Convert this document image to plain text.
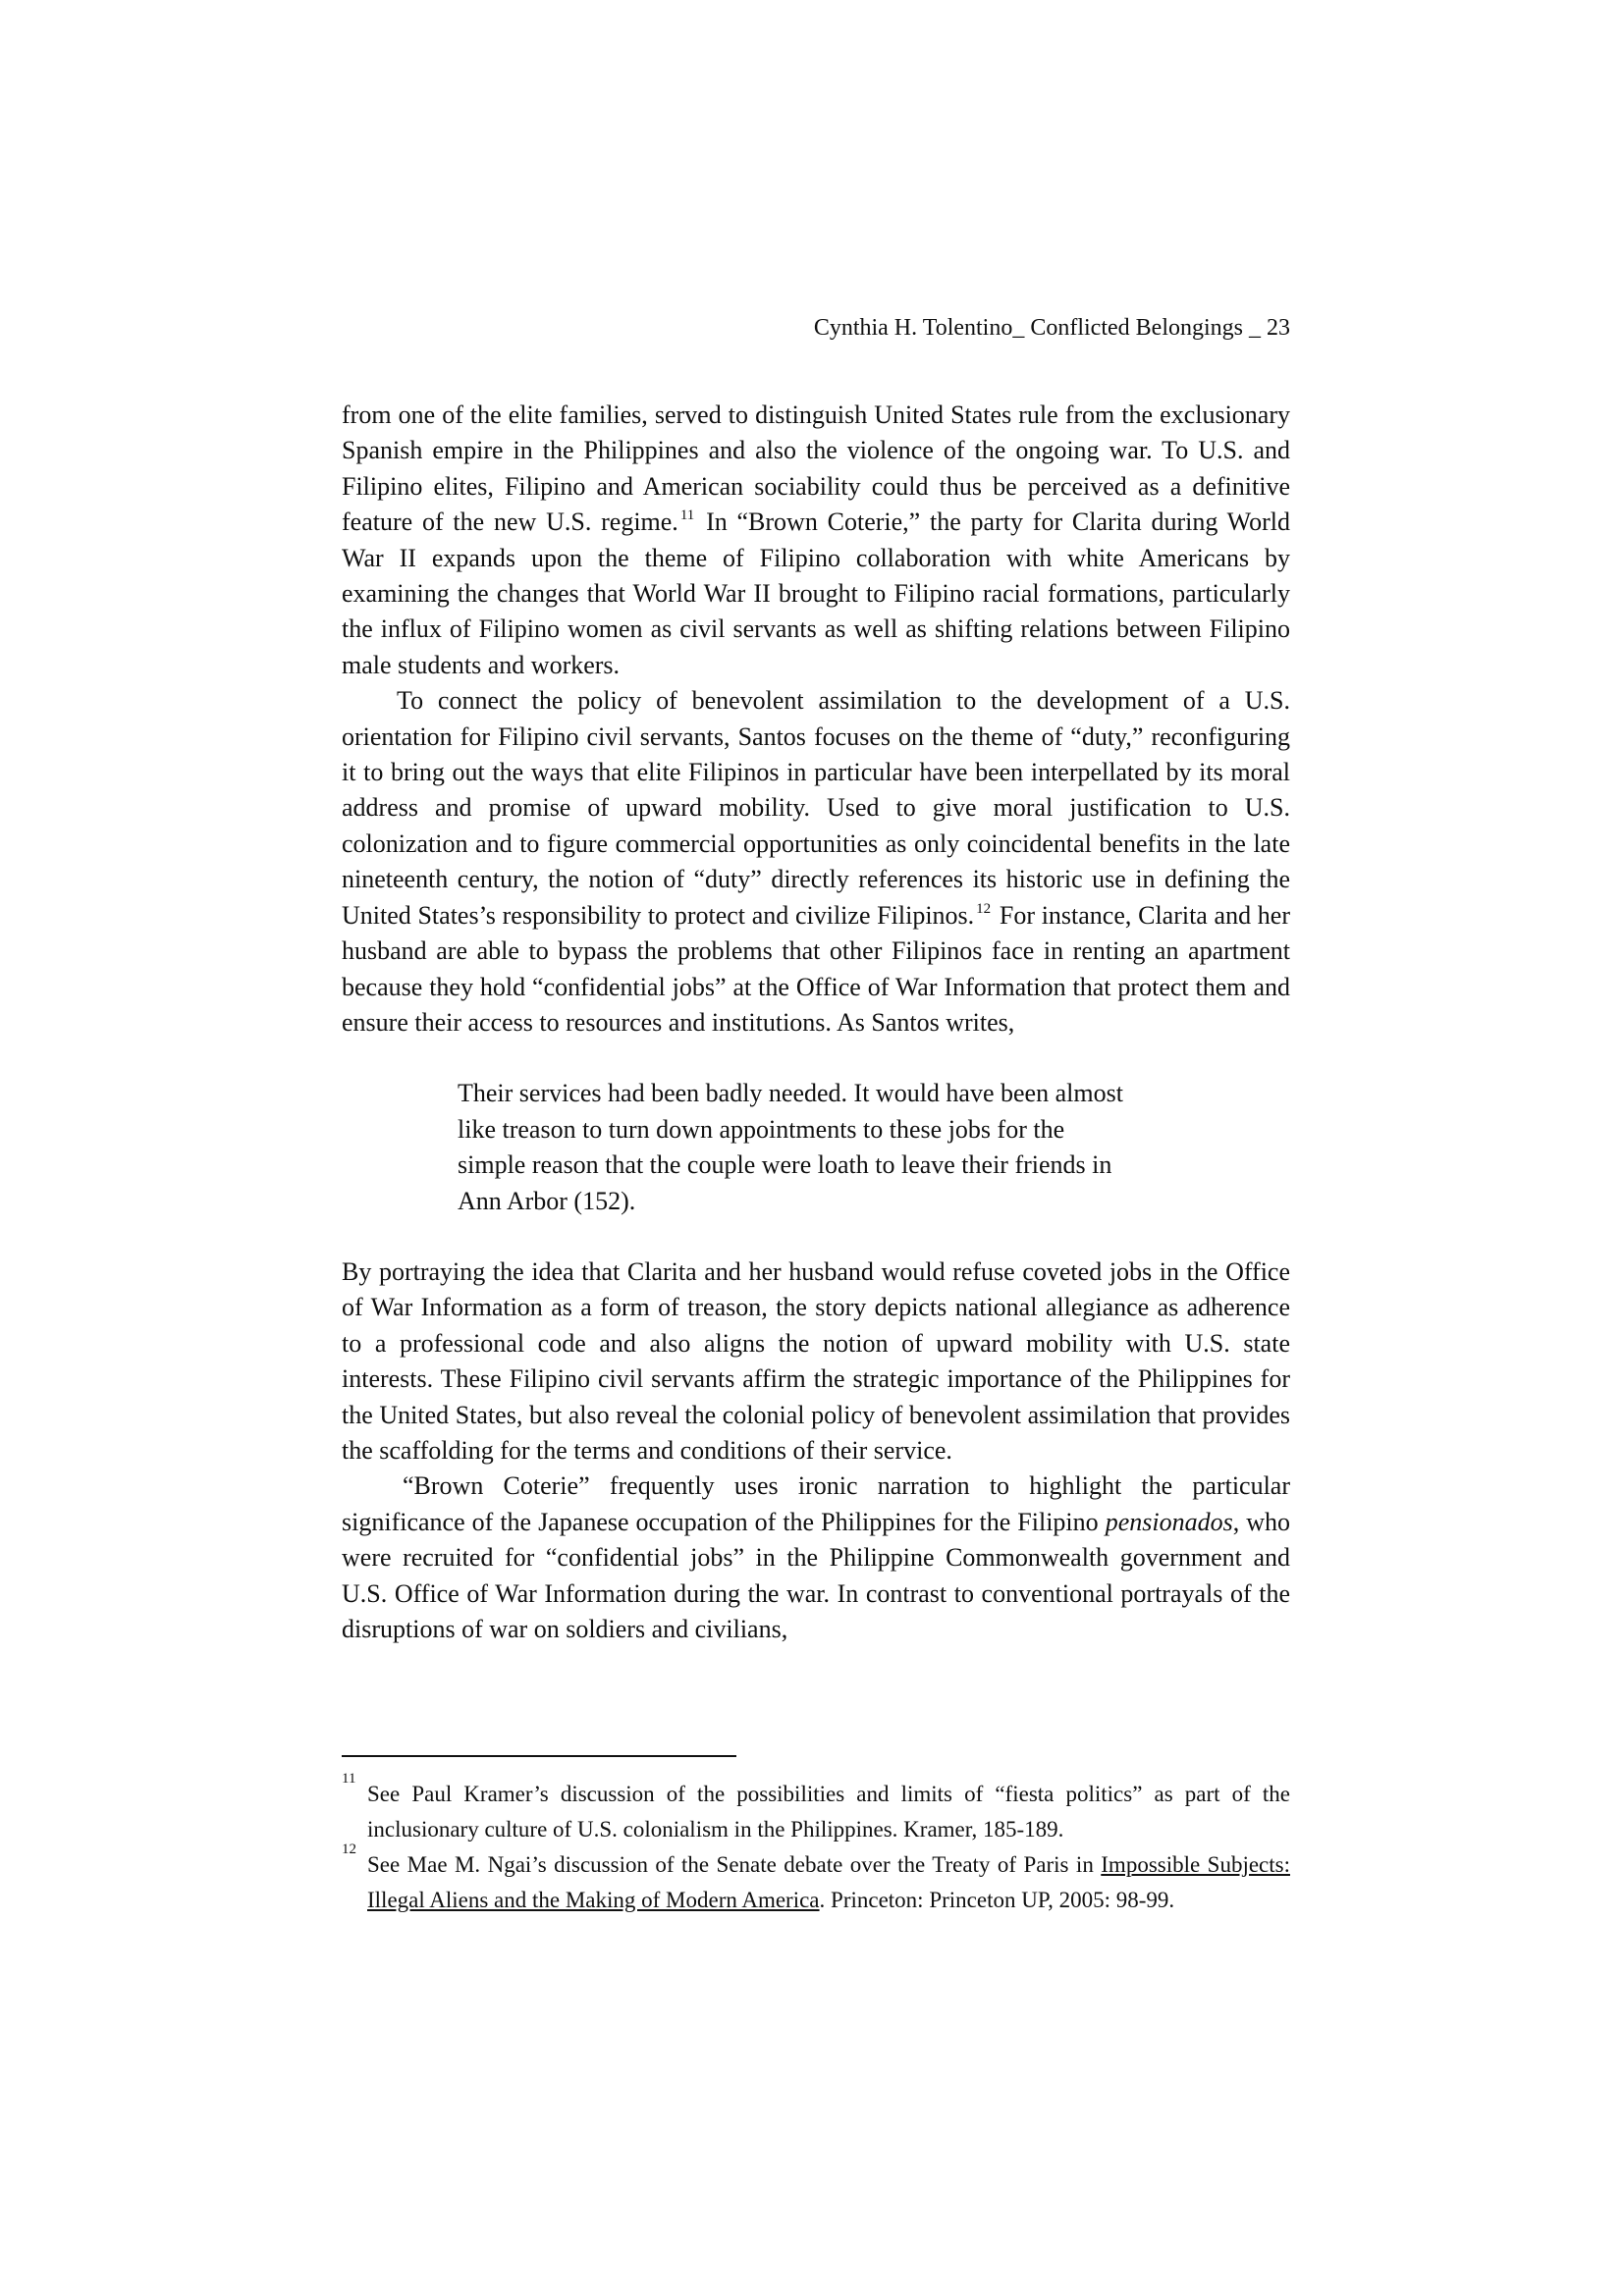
Cynthia H. Tolentino_ Conflicted Belongings _ 23

from one of the elite families, served to distinguish United States rule from the exclusionary Spanish empire in the Philippines and also the violence of the ongoing war. To U.S. and Filipino elites, Filipino and American sociability could thus be perceived as a definitive feature of the new U.S. regime. $^{11}$ In “Brown Coterie,” the party for Clarita during World War II expands upon the theme of Filipino collaboration with white Americans by examining the changes that World War II brought to Filipino racial formations, particularly the influx of Filipino women as civil servants as well as shifting relations between Filipino male students and workers.

To connect the policy of benevolent assimilation to the development of a U.S. orientation for Filipino civil servants, Santos focuses on the theme of “duty,” reconfiguring it to bring out the ways that elite Filipinos in particular have been interpellated by its moral address and promise of upward mobility. Used to give moral justification to U.S. colonization and to figure commercial opportunities as only coincidental benefits in the late nineteenth century, the notion of “duty” directly references its historic use in defining the United States’s responsibility to protect and civilize Filipinos. $^{12}$ For instance, Clarita and her husband are able to bypass the problems that other Filipinos face in renting an apartment because they hold “confidential jobs” at the Office of War Information that protect them and ensure their access to resources and institutions. As Santos writes,

Their services had been badly needed. It would have been almost like treason to turn down appointments to these jobs for the simple reason that the couple were loath to leave their friends in Ann Arbor (152).

By portraying the idea that Clarita and her husband would refuse coveted jobs in the Office of War Information as a form of treason, the story depicts national allegiance as adherence to a professional code and also aligns the notion of upward mobility with U.S. state interests. These Filipino civil servants affirm the strategic importance of the Philippines for the United States, but also reveal the colonial policy of benevolent assimilation that provides the scaffolding for the terms and conditions of their service.

“Brown Coterie” frequently uses ironic narration to highlight the particular significance of the Japanese occupation of the Philippines for the Filipino pensionados, who were recruited for “confidential jobs” in the Philippine Commonwealth government and U.S. Office of War Information during the war. In contrast to conventional portrayals of the disruptions of war on soldiers and civilians,

11
See Paul Kramer’s discussion of the possibilities and limits of “fiesta politics” as part of the inclusionary culture of U.S. colonialism in the Philippines. Kramer, 185-189.

12
See Mae M. Ngai’s discussion of the Senate debate over the Treaty of Paris in Impossible Subjects: Illegal Aliens and the Making of Modern America. Princeton: Princeton UP, 2005: 98-99.
